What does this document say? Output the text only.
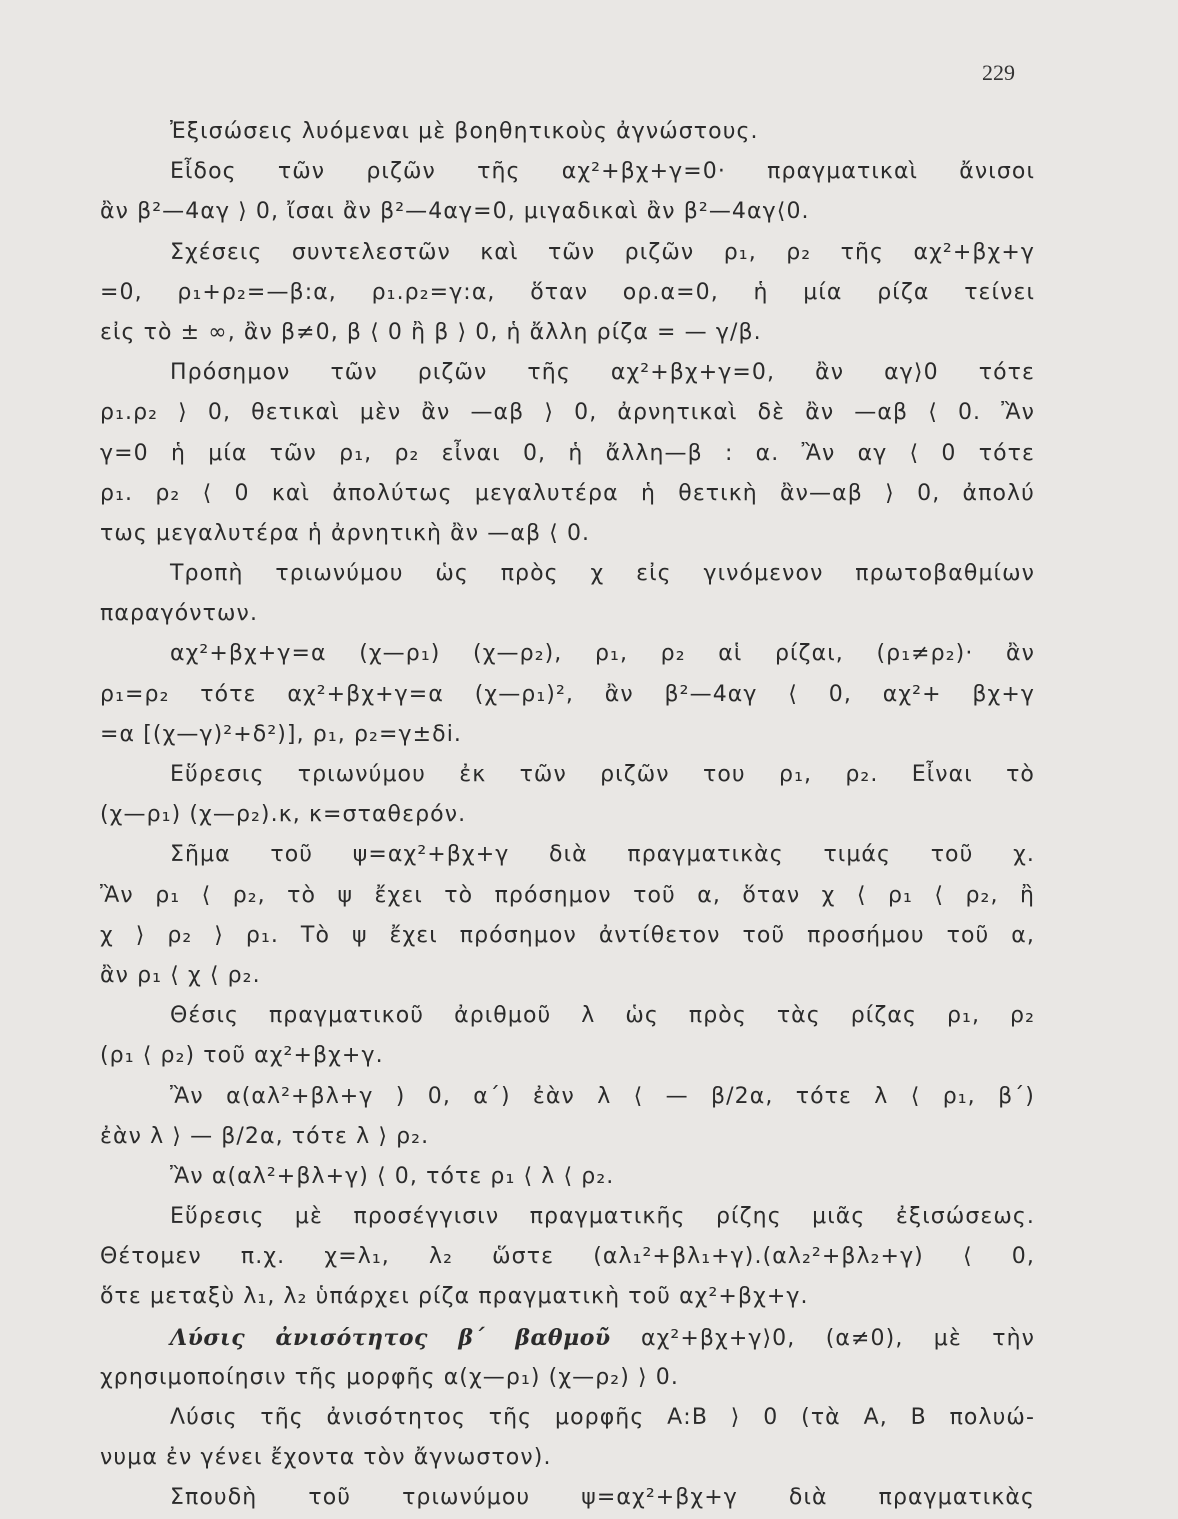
229
Ἐξισώσεις λυόμεναι μὲ βοηθητικοὺς ἀγνώστους.
Εἶδος τῶν ριζῶν τῆς αχ²+βχ+γ=0· πραγματικαὶ ἄνισοι
ἂν β²—4αγ ⟩ 0, ἴσαι ἂν β²—4αγ=0, μιγαδικαὶ ἂν β²—4αγ⟨0.
Σχέσεις συντελεστῶν καὶ τῶν ριζῶν ρ₁, ρ₂ τῆς αχ²+βχ+γ
=0, ρ₁+ρ₂=—β:α, ρ₁.ρ₂=γ:α, ὅταν ορ.α=0, ἡ μία ρίζα τείνει
εἰς τὸ ± ∞, ἂν β≠0, β ⟨ 0 ἢ β ⟩ 0, ἡ ἄλλη ρίζα = — γ/β.
Πρόσημον τῶν ριζῶν τῆς αχ²+βχ+γ=0, ἂν αγ⟩0 τότε
ρ₁.ρ₂ ⟩ 0, θετικαὶ μὲν ἂν —αβ ⟩ 0, ἀρνητικαὶ δὲ ἂν —αβ ⟨ 0. Ἂν
γ=0 ἡ μία τῶν ρ₁, ρ₂ εἶναι 0, ἡ ἄλλη—β : α. Ἂν αγ ⟨ 0 τότε
ρ₁. ρ₂ ⟨ 0 καὶ ἀπολύτως μεγαλυτέρα ἡ θετικὴ ἂν—αβ ⟩ 0, ἀπολύ
τως μεγαλυτέρα ἡ ἀρνητικὴ ἂν —αβ ⟨ 0.
Τροπὴ τριωνύμου ὡς πρὸς χ εἰς γινόμενον πρωτοβαθμίων
παραγόντων.
αχ²+βχ+γ=α (χ—ρ₁) (χ—ρ₂), ρ₁, ρ₂ αἱ ρίζαι, (ρ₁≠ρ₂)· ἂν
ρ₁=ρ₂ τότε αχ²+βχ+γ=α (χ—ρ₁)², ἂν β²—4αγ ⟨ 0, αχ²+ βχ+γ
=α [(χ—γ)²+δ²)], ρ₁, ρ₂=γ±δi.
Εὕρεσις τριωνύμου ἐκ τῶν ριζῶν του ρ₁, ρ₂. Εἶναι τὸ
(χ—ρ₁) (χ—ρ₂).κ, κ=σταθερόν.
Σῆμα τοῦ ψ=αχ²+βχ+γ διὰ πραγματικὰς τιμάς τοῦ χ.
Ἂν ρ₁ ⟨ ρ₂, τὸ ψ ἔχει τὸ πρόσημον τοῦ α, ὅταν χ ⟨ ρ₁ ⟨ ρ₂, ἢ
χ ⟩ ρ₂ ⟩ ρ₁. Τὸ ψ ἔχει πρόσημον ἀντίθετον τοῦ προσήμου τοῦ α,
ἂν ρ₁ ⟨ χ ⟨ ρ₂.
Θέσις πραγματικοῦ ἀριθμοῦ λ ὡς πρὸς τὰς ρίζας ρ₁, ρ₂
(ρ₁ ⟨ ρ₂) τοῦ αχ²+βχ+γ.
Ἂν α(αλ²+βλ+γ ) 0, α΄) ἐὰν λ ⟨ — β/2α, τότε λ ⟨ ρ₁, β΄)
ἐὰν λ ⟩ — β/2α, τότε λ ⟩ ρ₂.
Ἂν α(αλ²+βλ+γ) ⟨ 0, τότε ρ₁ ⟨ λ ⟨ ρ₂.
Εὕρεσις μὲ προσέγγισιν πραγματικῆς ρίζης μιᾶς ἐξισώσεως.
Θέτομεν π.χ. χ=λ₁, λ₂ ὥστε (αλ₁²+βλ₁+γ).(αλ₂²+βλ₂+γ) ⟨ 0,
ὅτε μεταξὺ λ₁, λ₂ ὑπάρχει ρίζα πραγματικὴ τοῦ αχ²+βχ+γ.
Λύσις ἀνισότητος β΄ βαθμοῦ αχ²+βχ+γ⟩0, (α≠0), μὲ τὴν
χρησιμοποίησιν τῆς μορφῆς α(χ—ρ₁) (χ—ρ₂) ⟩ 0.
Λύσις τῆς ἀνισότητος τῆς μορφῆς Α:Β ⟩ 0 (τὰ Α, Β πολυώ-
νυμα ἐν γένει ἔχοντα τὸν ἄγνωστον).
Σπουδὴ τοῦ τριωνύμου ψ=αχ²+βχ+γ διὰ πραγματικὰς
